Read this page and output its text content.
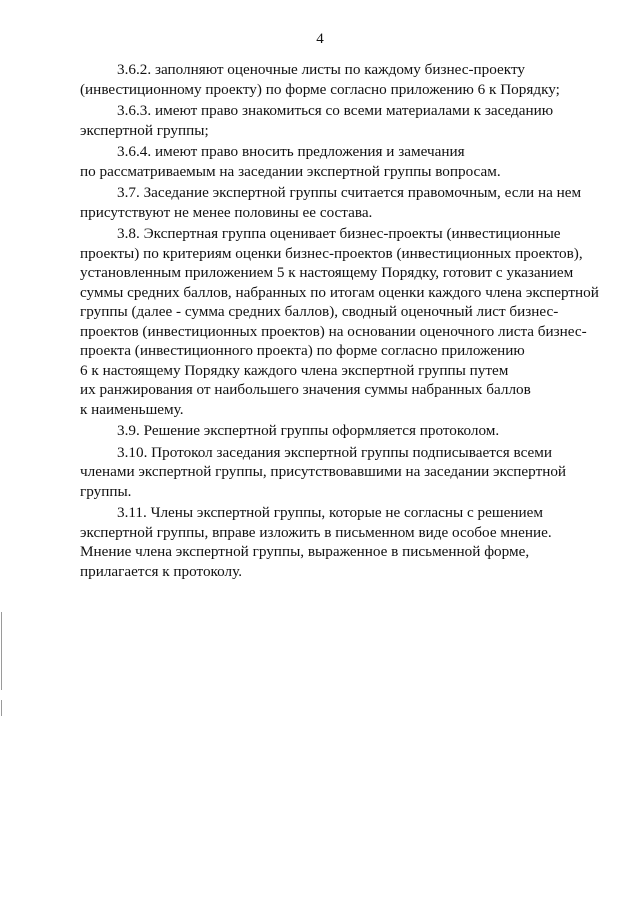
4

3.6.2. заполняют оценочные листы по каждому бизнес-проекту
(инвестиционному проекту) по форме согласно приложению 6 к Порядку;

3.6.3. имеют право знакомиться со всеми материалами к заседанию
экспертной группы;

3.6.4. имеют право вносить предложения и замечания
по рассматриваемым на заседании экспертной группы вопросам.

3.7. Заседание экспертной группы считается правомочным, если на нем
присутствуют не менее половины ее состава.

3.8. Экспертная группа оценивает бизнес-проекты (инвестиционные
проекты) по критериям оценки бизнес-проектов (инвестиционных проектов),
установленным приложением 5 к настоящему Порядку, готовит с указанием
суммы средних баллов, набранных по итогам оценки каждого члена экспертной
группы (далее - сумма средних баллов), сводный оценочный лист бизнес-
проектов (инвестиционных проектов) на основании оценочного листа бизнес-
проекта (инвестиционного проекта) по форме согласно приложению
6 к настоящему Порядку каждого члена экспертной группы путем
их ранжирования от наибольшего значения суммы набранных баллов
к наименьшему.

3.9. Решение экспертной группы оформляется протоколом.

3.10. Протокол заседания экспертной группы подписывается всеми
членами экспертной группы, присутствовавшими на заседании экспертной
группы.

3.11. Члены экспертной группы, которые не согласны с решением
экспертной группы, вправе изложить в письменном виде особое мнение.
Мнение члена экспертной группы, выраженное в письменной форме,
прилагается к протоколу.
